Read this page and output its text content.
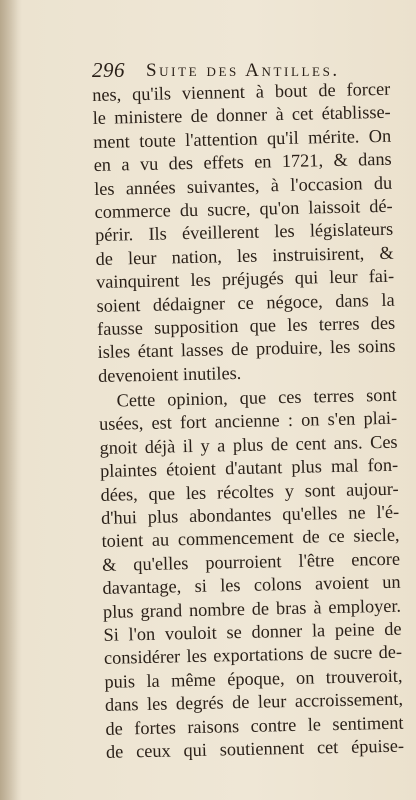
296 Suite des Antilles.
nes, qu'ils viennent à bout de forcer
le ministere de donner à cet établisse-
ment toute l'attention qu'il mérite. On
en a vu des effets en 1721, & dans
les années suivantes, à l'occasion du
commerce du sucre, qu'on laissoit dé-
périr. Ils éveillerent les législateurs
de leur nation, les instruisirent, &
vainquirent les préjugés qui leur fai-
soient dédaigner ce négoce, dans la
fausse supposition que les terres des
isles étant lasses de produire, les soins
devenoient inutiles.
Cette opinion, que ces terres sont
usées, est fort ancienne : on s'en plai-
gnoit déjà il y a plus de cent ans. Ces
plaintes étoient d'autant plus mal fon-
dées, que les récoltes y sont aujour-
d'hui plus abondantes qu'elles ne l'é-
toient au commencement de ce siecle,
& qu'elles pourroient l'être encore
davantage, si les colons avoient un
plus grand nombre de bras à employer.
Si l'on vouloit se donner la peine de
considérer les exportations de sucre de-
puis la même époque, on trouveroit,
dans les degrés de leur accroissement,
de fortes raisons contre le sentiment
de ceux qui soutiennent cet épuise-
